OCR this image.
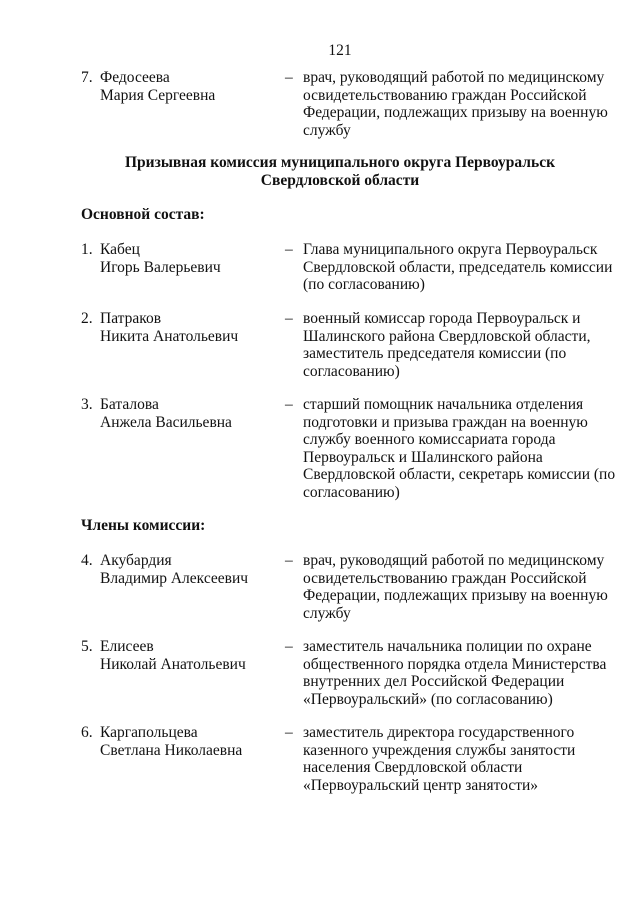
121
7. Федосеева
Мария Сергеевна
– врач, руководящий работой по медицинскому освидетельствованию граждан Российской Федерации, подлежащих призыву на военную службу
Призывная комиссия муниципального округа Первоуральск
Свердловской области
Основной состав:
1. Кабец
Игорь Валерьевич
– Глава муниципального округа Первоуральск Свердловской области, председатель комиссии (по согласованию)
2. Патраков
Никита Анатольевич
– военный комиссар города Первоуральск и Шалинского района Свердловской области, заместитель председателя комиссии (по согласованию)
3. Баталова
Анжела Васильевна
– старший помощник начальника отделения подготовки и призыва граждан на военную службу военного комиссариата города Первоуральск и Шалинского района Свердловской области, секретарь комиссии (по согласованию)
Члены комиссии:
4. Акубардия
Владимир Алексеевич
– врач, руководящий работой по медицинскому освидетельствованию граждан Российской Федерации, подлежащих призыву на военную службу
5. Елисеев
Николай Анатольевич
– заместитель начальника полиции по охране общественного порядка отдела Министерства внутренних дел Российской Федерации «Первоуральский» (по согласованию)
6. Каргапольцева
Светлана Николаевна
– заместитель директора государственного казенного учреждения службы занятости населения Свердловской области «Первоуральский центр занятости»
